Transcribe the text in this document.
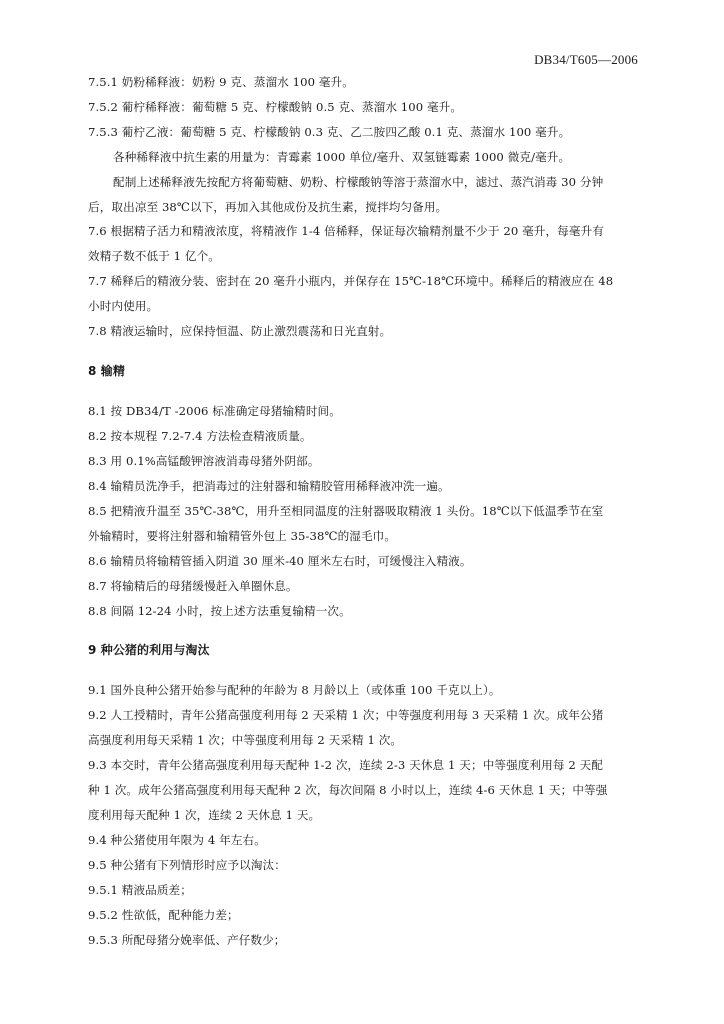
DB34/T605—2006
7.5.1 奶粉稀释液：奶粉 9 克、蒸溜水 100 毫升。
7.5.2 葡柠稀释液：葡萄糖 5 克、柠檬酸钠 0.5 克、蒸溜水 100 毫升。
7.5.3 葡柠乙液：葡萄糖 5 克、柠檬酸钠 0.3 克、乙二胺四乙酸 0.1 克、蒸溜水 100 毫升。
各种稀释液中抗生素的用量为：青霉素 1000 单位/毫升、双氢链霉素 1000 微克/毫升。
配制上述稀释液先按配方将葡萄糖、奶粉、柠檬酸钠等溶于蒸溜水中，滤过、蒸汽消毒 30 分钟
后，取出凉至 38℃以下，再加入其他成份及抗生素，搅拌均匀备用。
7.6 根据精子活力和精液浓度，将精液作 1-4 倍稀释，保证每次输精剂量不少于 20 毫升，每毫升有
效精子数不低于 1 亿个。
7.7 稀释后的精液分装、密封在 20 毫升小瓶内，并保存在 15℃-18℃环境中。稀释后的精液应在 48
小时内使用。
7.8 精液运输时，应保持恒温、防止激烈震荡和日光直射。
8 输精
8.1 按 DB34/T -2006 标准确定母猪输精时间。
8.2 按本规程 7.2-7.4 方法检查精液质量。
8.3 用 0.1%高锰酸钾溶液消毒母猪外阴部。
8.4 输精员洗净手，把消毒过的注射器和输精胶管用稀释液冲洗一遍。
8.5 把精液升温至 35℃-38℃，用升至相同温度的注射器吸取精液 1 头份。18℃以下低温季节在室
外输精时，要将注射器和输精管外包上 35-38℃的湿毛巾。
8.6 输精员将输精管插入阴道 30 厘米-40 厘米左右时，可缓慢注入精液。
8.7 将输精后的母猪缓慢赶入单圈休息。
8.8 间隔 12-24 小时，按上述方法重复输精一次。
9 种公猪的利用与淘汰
9.1 国外良种公猪开始参与配种的年龄为 8 月龄以上（或体重 100 千克以上）。
9.2 人工授精时，青年公猪高强度利用每 2 天采精 1 次；中等强度利用每 3 天采精 1 次。成年公猪
高强度利用每天采精 1 次；中等强度利用每 2 天采精 1 次。
9.3 本交时，青年公猪高强度利用每天配种 1-2 次，连续 2-3 天休息 1 天；中等强度利用每 2 天配
种 1 次。成年公猪高强度利用每天配种 2 次，每次间隔 8 小时以上，连续 4-6 天休息 1 天；中等强
度利用每天配种 1 次，连续 2 天休息 1 天。
9.4 种公猪使用年限为 4 年左右。
9.5 种公猪有下列情形时应予以淘汰：
9.5.1 精液品质差；
9.5.2 性欲低，配种能力差；
9.5.3 所配母猪分娩率低、产仔数少；
